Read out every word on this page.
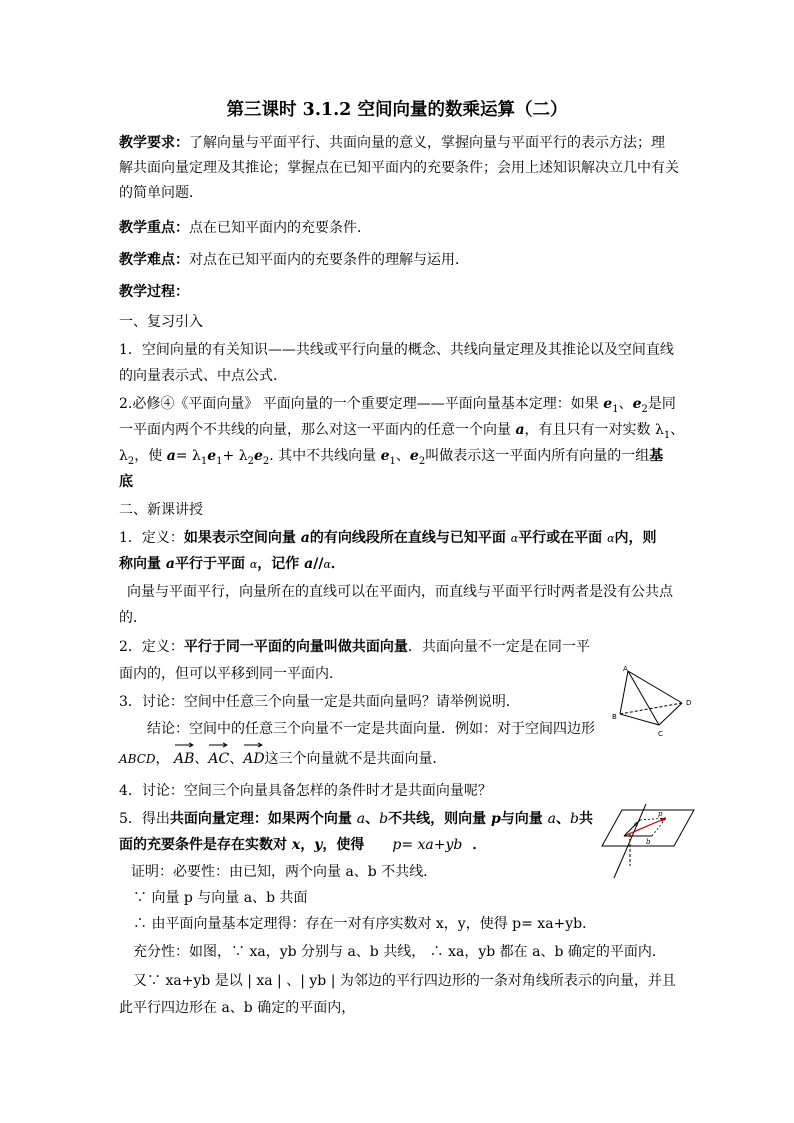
第三课时 3.1.2 空间向量的数乘运算（二）
教学要求：了解向量与平面平行、共面向量的意义，掌握向量与平面平行的表示方法；理
解共面向量定理及其推论；掌握点在已知平面内的充要条件；会用上述知识解决立几中有关
的简单问题．
教学重点：点在已知平面内的充要条件．
教学难点：对点在已知平面内的充要条件的理解与运用．
教学过程：
一、复习引入
1．空间向量的有关知识——共线或平行向量的概念、共线向量定理及其推论以及空间直线
的向量表示式、中点公式．
2.必修④《平面向量》 平面向量的一个重要定理——平面向量基本定理：如果 $e_1$、$e_2$是同
一平面内两个不共线的向量，那么对这一平面内的任意一个向量 a，有且只有一对实数 $\lambda_1$、
$\lambda_2$，使 $a= \lambda_1e_1+ \lambda_2e_2$. 其中不共线向量 $e_1$、$e_2$叫做表示这一平面内所有向量的一组基
底
二、新课讲授
1．定义：如果表示空间向量 a的有向线段所在直线与已知平面 α平行或在平面 α内，则
称向量 a平行于平面 α，记作 a//α．
向量与平面平行，向量所在的直线可以在平面内，而直线与平面平行时两者是没有公共点
的．
2．定义：平行于同一平面的向量叫做共面向量．共面向量不一定是在同一平
面内的，但可以平移到同一平面内．
3．讨论：空间中任意三个向量一定是共面向量吗？请举例说明．
结论：空间中的任意三个向量不一定是共面向量．例如：对于空间四边形
ABCD， AB、
AC、
AD这三个向量就不是共面向量．
4．讨论：空间三个向量具备怎样的条件时才是共面向量呢？
5．得出共面向量定理：如果两个向量 a、b不共线，则向量 p与向量 a、b共
面的充要条件是存在实数对 x，y，使得 p= xa+yb ．
证明：必要性：由已知，两个向量 a、b 不共线．
∵ 向量 p 与向量 a、b 共面
∴ 由平面向量基本定理得：存在一对有序实数对 x，y，使得 p= xa+yb．
充分性：如图，∵ xa，yb 分别与 a、b 共线， ∴ xa，yb 都在 a、b 确定的平面内．
又∵ xa+yb 是以 | xa | 、| yb | 为邻边的平行四边形的一条对角线所表示的向量，并且
此平行四边形在 a、b 确定的平面内，
A
B
C
D
p
a
b
